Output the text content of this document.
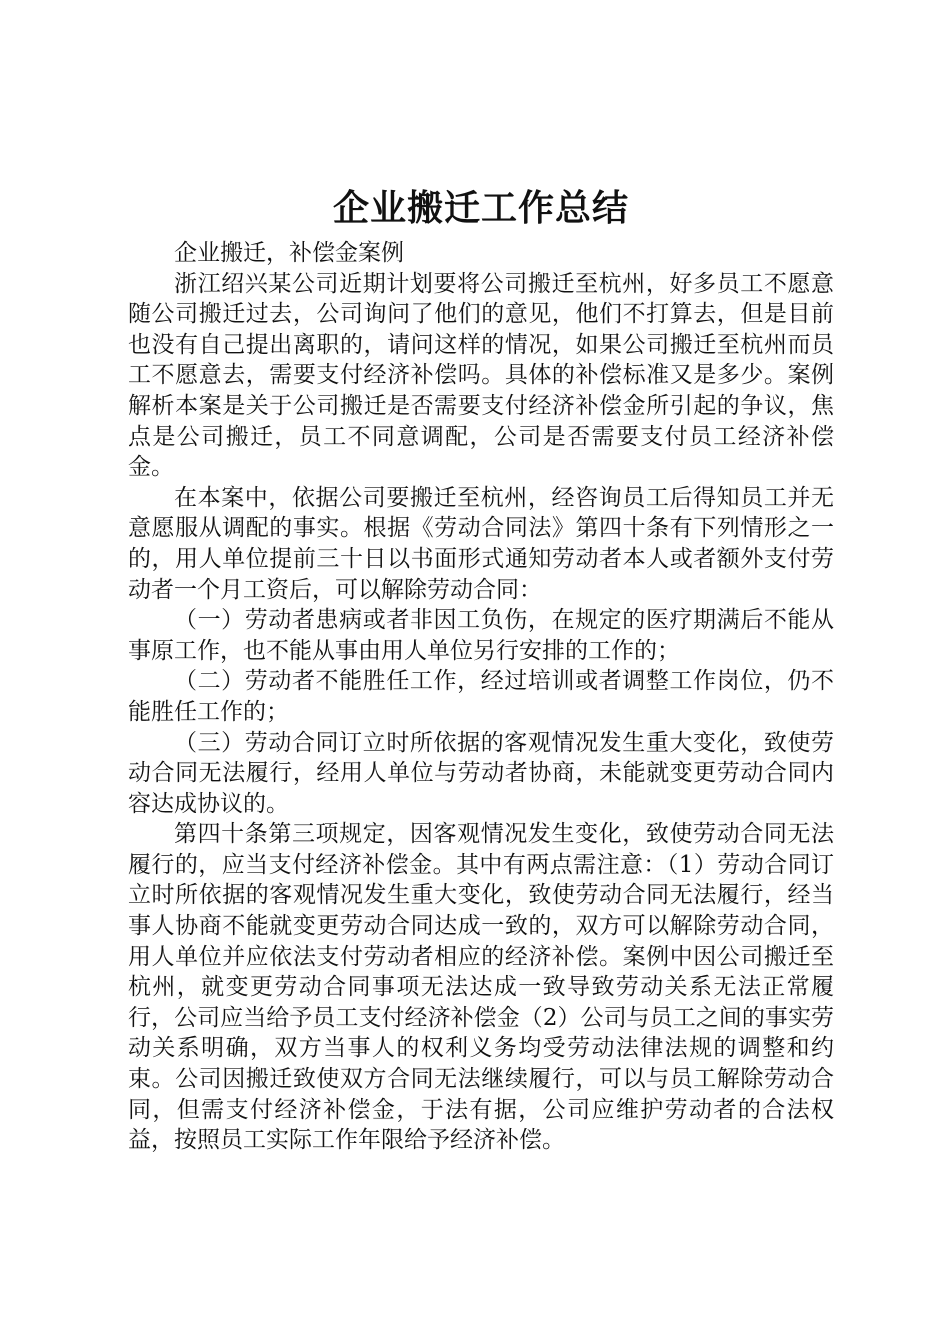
企业搬迁工作总结

企业搬迁，补偿金案例

浙江绍兴某公司近期计划要将公司搬迁至杭州，好多员工不愿意随公司搬迁过去，公司询问了他们的意见，他们不打算去，但是目前也没有自己提出离职的，请问这样的情况，如果公司搬迁至杭州而员工不愿意去，需要支付经济补偿吗。具体的补偿标准又是多少。案例解析本案是关于公司搬迁是否需要支付经济补偿金所引起的争议，焦点是公司搬迁，员工不同意调配，公司是否需要支付员工经济补偿金。

在本案中，依据公司要搬迁至杭州，经咨询员工后得知员工并无意愿服从调配的事实。根据《劳动合同法》第四十条有下列情形之一的，用人单位提前三十日以书面形式通知劳动者本人或者额外支付劳动者一个月工资后，可以解除劳动合同：

（一）劳动者患病或者非因工负伤，在规定的医疗期满后不能从事原工作，也不能从事由用人单位另行安排的工作的；

（二）劳动者不能胜任工作，经过培训或者调整工作岗位，仍不能胜任工作的；

（三）劳动合同订立时所依据的客观情况发生重大变化，致使劳动合同无法履行，经用人单位与劳动者协商，未能就变更劳动合同内容达成协议的。

第四十条第三项规定，因客观情况发生变化，致使劳动合同无法履行的，应当支付经济补偿金。其中有两点需注意：（1）劳动合同订立时所依据的客观情况发生重大变化，致使劳动合同无法履行，经当事人协商不能就变更劳动合同达成一致的，双方可以解除劳动合同，用人单位并应依法支付劳动者相应的经济补偿。案例中因公司搬迁至杭州，就变更劳动合同事项无法达成一致导致劳动关系无法正常履行，公司应当给予员工支付经济补偿金（2）公司与员工之间的事实劳动关系明确，双方当事人的权利义务均受劳动法律法规的调整和约束。公司因搬迁致使双方合同无法继续履行，可以与员工解除劳动合同，但需支付经济补偿金，于法有据，公司应维护劳动者的合法权益，按照员工实际工作年限给予经济补偿。
